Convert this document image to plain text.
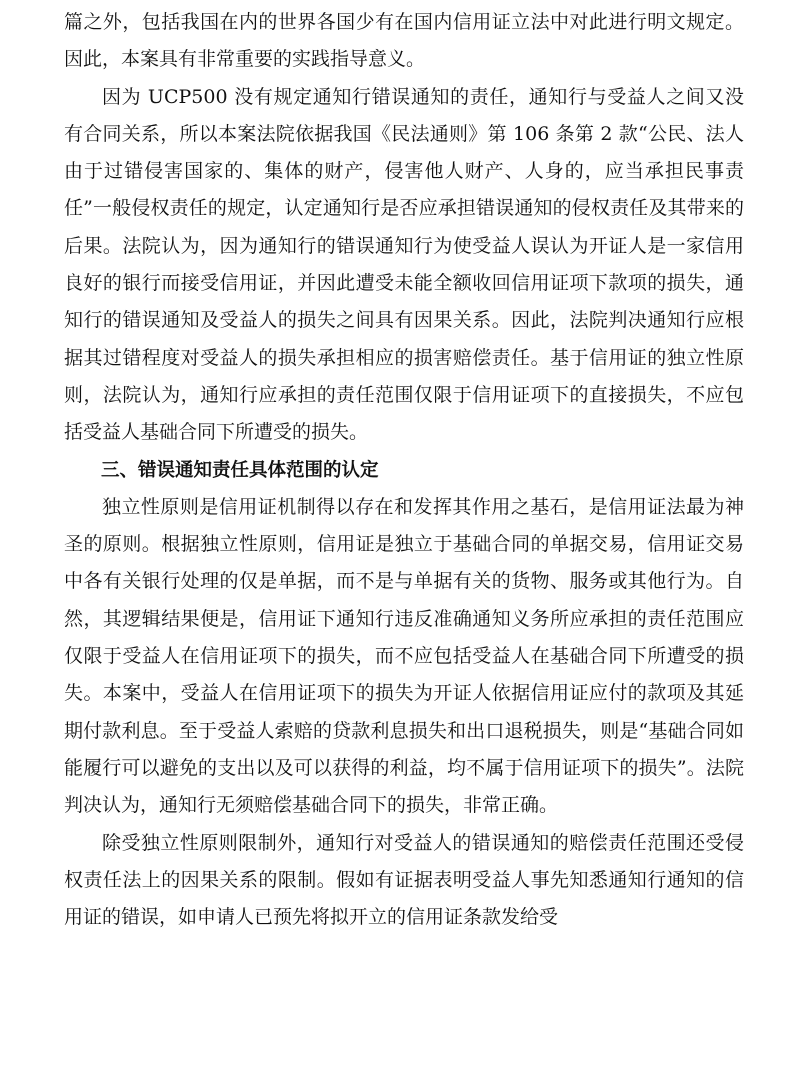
篇之外，包括我国在内的世界各国少有在国内信用证立法中对此进行明文规定。因此，本案具有非常重要的实践指导意义。

因为 UCP500 没有规定通知行错误通知的责任，通知行与受益人之间又没有合同关系，所以本案法院依据我国《民法通则》第 106 条第 2 款“公民、法人由于过错侵害国家的、集体的财产，侵害他人财产、人身的，应当承担民事责任”一般侵权责任的规定，认定通知行是否应承担错误通知的侵权责任及其带来的后果。法院认为，因为通知行的错误通知行为使受益人误认为开证人是一家信用良好的银行而接受信用证，并因此遭受未能全额收回信用证项下款项的损失，通知行的错误通知及受益人的损失之间具有因果关系。因此，法院判决通知行应根据其过错程度对受益人的损失承担相应的损害赔偿责任。基于信用证的独立性原则，法院认为，通知行应承担的责任范围仅限于信用证项下的直接损失，不应包括受益人基础合同下所遭受的损失。

三、错误通知责任具体范围的认定

独立性原则是信用证机制得以存在和发挥其作用之基石，是信用证法最为神圣的原则。根据独立性原则，信用证是独立于基础合同的单据交易，信用证交易中各有关银行处理的仅是单据，而不是与单据有关的货物、服务或其他行为。自然，其逻辑结果便是，信用证下通知行违反准确通知义务所应承担的责任范围应仅限于受益人在信用证项下的损失，而不应包括受益人在基础合同下所遭受的损失。本案中，受益人在信用证项下的损失为开证人依据信用证应付的款项及其延期付款利息。至于受益人索赔的贷款利息损失和出口退税损失，则是“基础合同如能履行可以避免的支出以及可以获得的利益，均不属于信用证项下的损失”。法院判决认为，通知行无须赔偿基础合同下的损失，非常正确。

除受独立性原则限制外，通知行对受益人的错误通知的赔偿责任范围还受侵权责任法上的因果关系的限制。假如有证据表明受益人事先知悉通知行通知的信用证的错误，如申请人已预先将拟开立的信用证条款发给受
